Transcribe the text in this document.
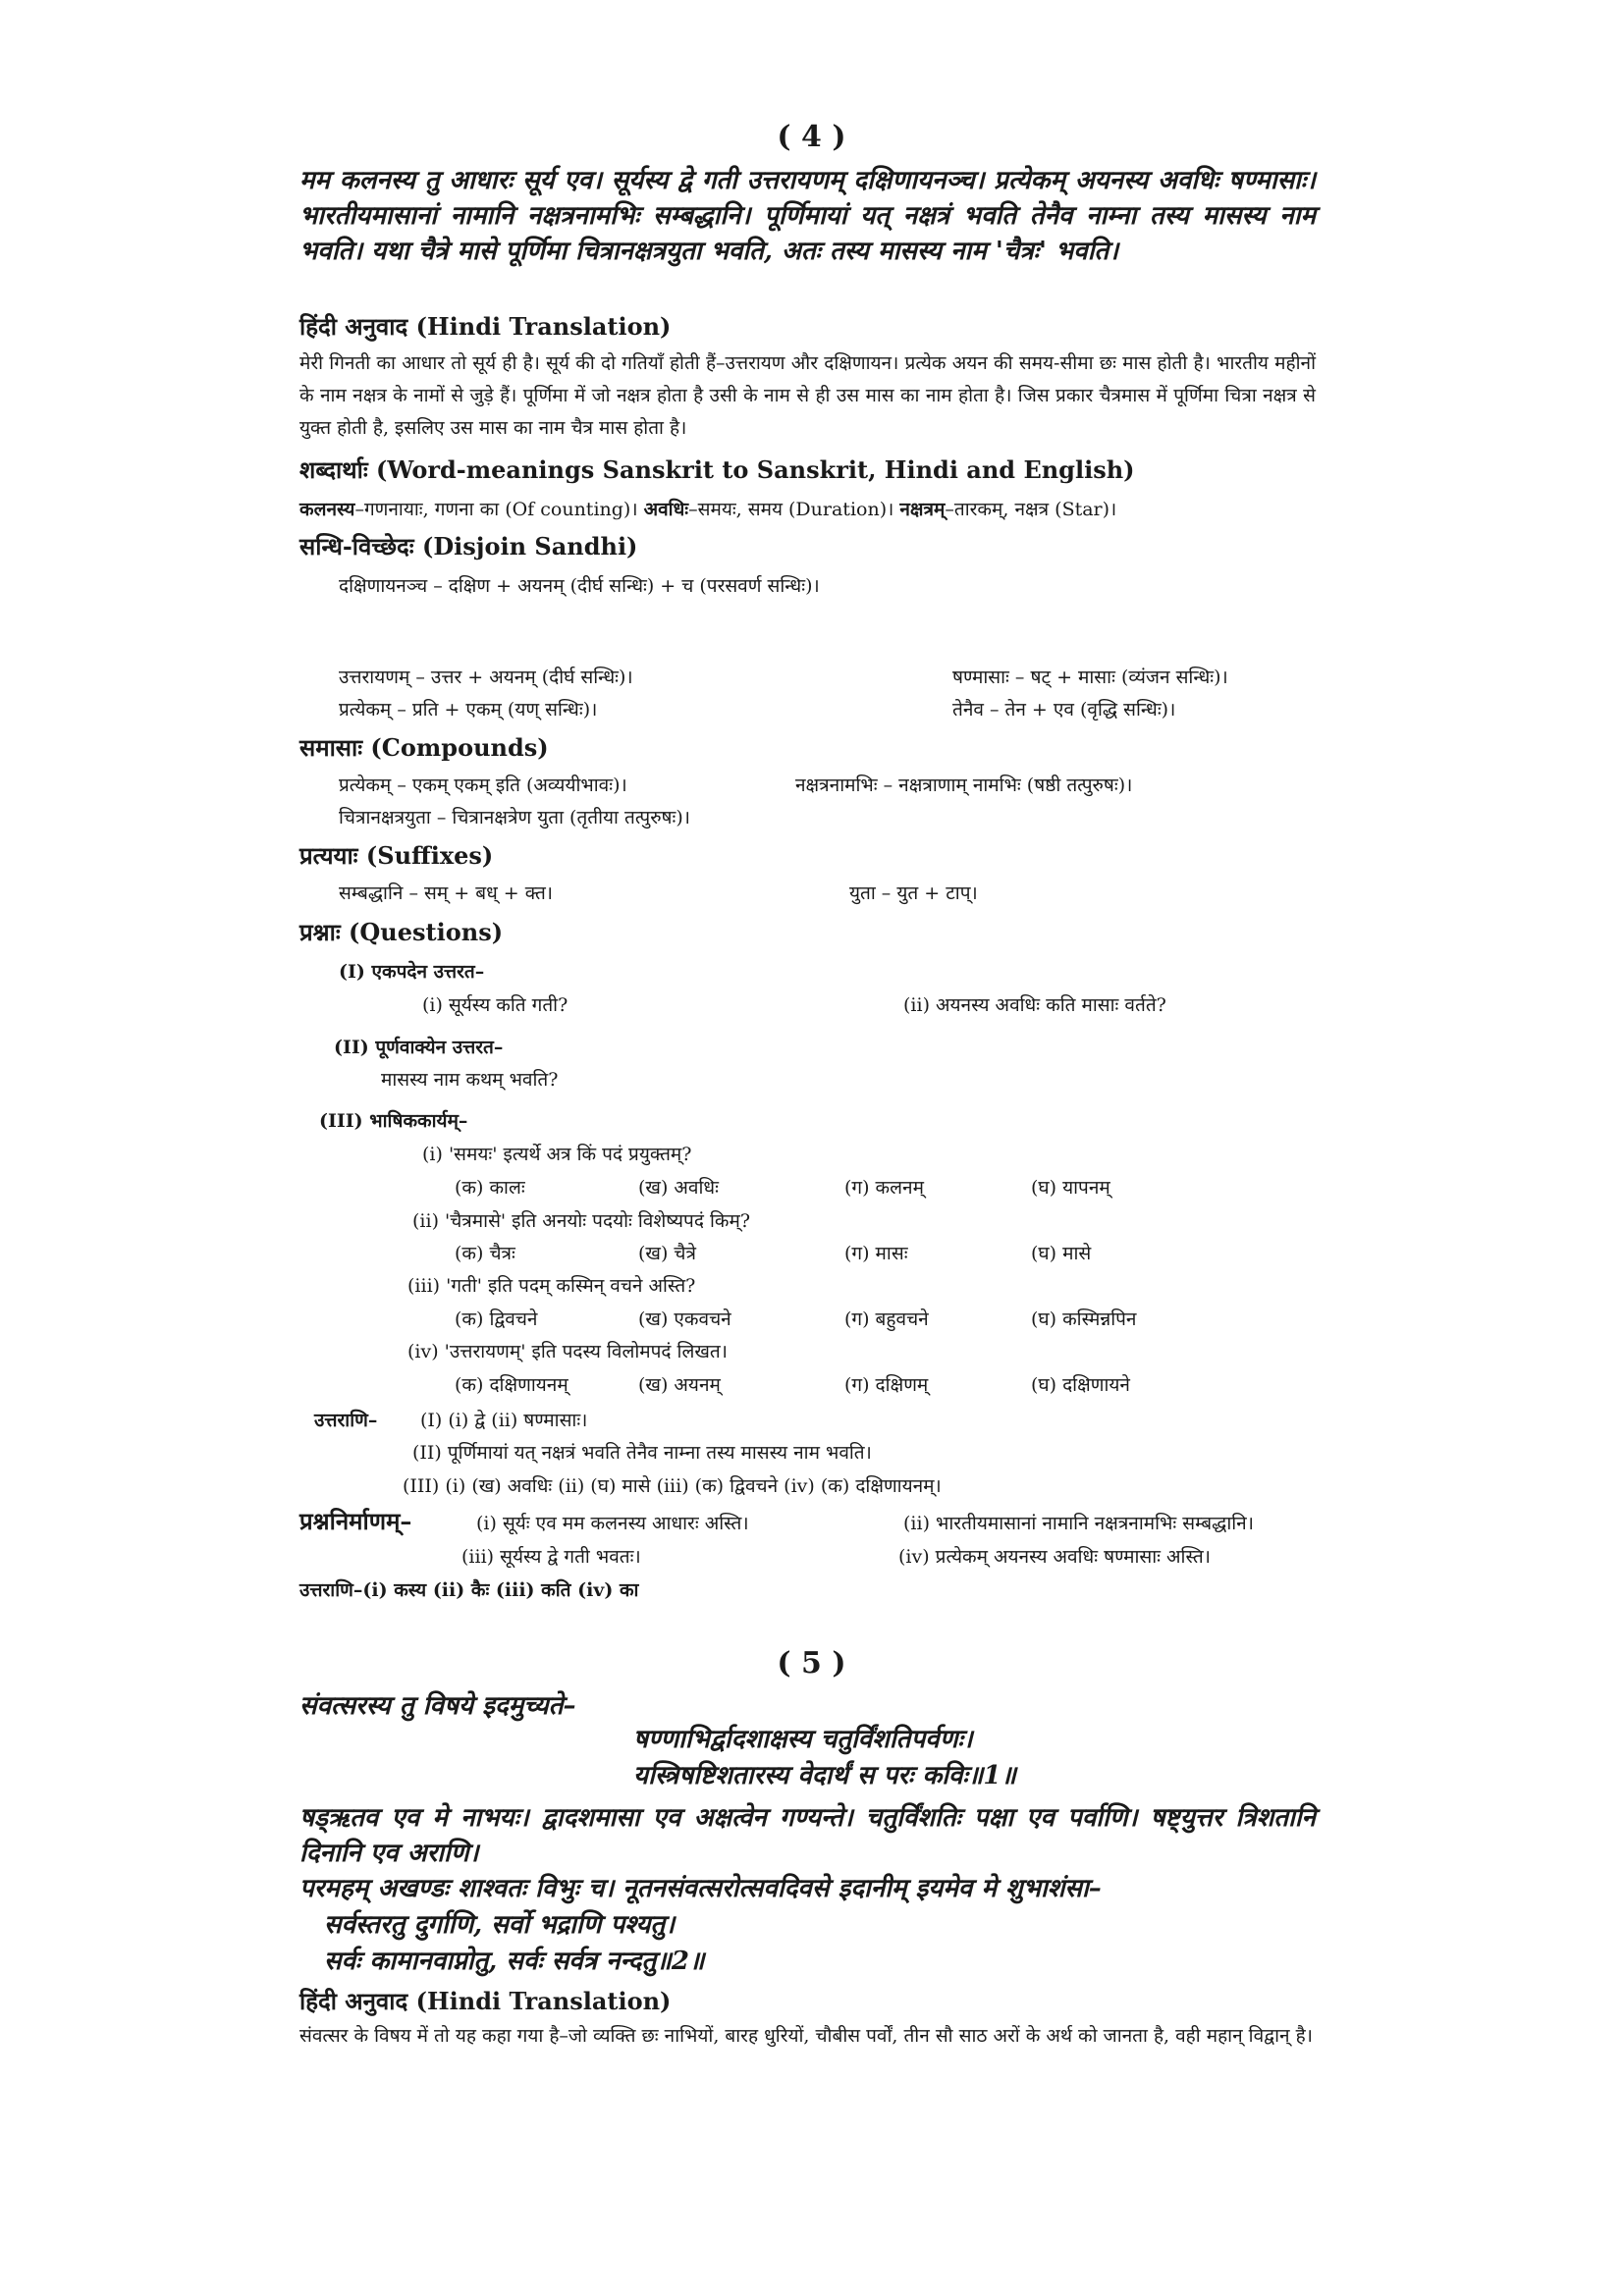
( 4 )
मम कलनस्य तु आधारः सूर्य एव। सूर्यस्य द्वे गती उत्तरायणम् दक्षिणायनञ्च। प्रत्येकम् अयनस्य अवधिः षण्मासाः। भारतीयमासानां नामानि नक्षत्रनामभिः सम्बद्धानि। पूर्णिमायां यत् नक्षत्रं भवति तेनैव नाम्ना तस्य मासस्य नाम भवति। यथा चैत्रे मासे पूर्णिमा चित्रानक्षत्रयुता भवति, अतः तस्य मासस्य नाम 'चैत्रः' भवति।
हिंदी अनुवाद (Hindi Translation)
मेरी गिनती का आधार तो सूर्य ही है। सूर्य की दो गतियाँ होती हैं–उत्तरायण और दक्षिणायन। प्रत्येक अयन की समय-सीमा छः मास होती है। भारतीय महीनों के नाम नक्षत्र के नामों से जुड़े हैं। पूर्णिमा में जो नक्षत्र होता है उसी के नाम से ही उस मास का नाम होता है। जिस प्रकार चैत्रमास में पूर्णिमा चित्रा नक्षत्र से युक्त होती है, इसलिए उस मास का नाम चैत्र मास होता है।
शब्दार्थाः (Word-meanings Sanskrit to Sanskrit, Hindi and English)
कलनस्य–गणनायाः, गणना का (Of counting)। अवधिः–समयः, समय (Duration)। नक्षत्रम्–तारकम्, नक्षत्र (Star)।
सन्धि-विच्छेदः (Disjoin Sandhi)
दक्षिणायनञ्च – दक्षिण + अयनम् (दीर्घ सन्धिः) + च (परसवर्ण सन्धिः)।
उत्तरायणम् – उत्तर + अयनम् (दीर्घ सन्धिः)।	षण्मासाः – षट् + मासाः (व्यंजन सन्धिः)।
प्रत्येकम् – प्रति + एकम् (यण् सन्धिः)।	तेनैव – तेन + एव (वृद्धि सन्धिः)।
समासाः (Compounds)
प्रत्येकम् – एकम् एकम् इति (अव्ययीभावः)।	नक्षत्रनामभिः – नक्षत्राणाम् नामभिः (षष्ठी तत्पुरुषः)।
चित्रानक्षत्रयुता – चित्रानक्षत्रेण युता (तृतीया तत्पुरुषः)।
प्रत्ययाः (Suffixes)
सम्बद्धानि – सम् + बध् + क्त।	युता – युत + टाप्।
प्रश्नाः (Questions)
(I) एकपदेन उत्तरत–
(i) सूर्यस्य कति गती?	(ii) अयनस्य अवधिः कति मासाः वर्तते?
(II) पूर्णवाक्येन उत्तरत–
मासस्य नाम कथम् भवति?
(III) भाषिककार्यम्–
(i) 'समयः' इत्यर्थे अत्र किं पदं प्रयुक्तम्?
(क) कालः	(ख) अवधिः	(ग) कलनम्	(घ) यापनम्
(ii) 'चैत्रमासे' इति अनयोः पदयोः विशेष्यपदं किम्?
(क) चैत्रः	(ख) चैत्रे	(ग) मासः	(घ) मासे
(iii) 'गती' इति पदम् कस्मिन् वचने अस्ति?
(क) द्विवचने	(ख) एकवचने	(ग) बहुवचने	(घ) कस्मिन्नपिन
(iv) 'उत्तरायणम्' इति पदस्य विलोमपदं लिखत।
(क) दक्षिणायनम्	(ख) अयनम्	(ग) दक्षिणम्	(घ) दक्षिणायने
उत्तराणि– (I) (i) द्वे (ii) षण्मासाः।
(II) पूर्णिमायां यत् नक्षत्रं भवति तेनैव नाम्ना तस्य मासस्य नाम भवति।
(III) (i) (ख) अवधिः (ii) (घ) मासे (iii) (क) द्विवचने (iv) (क) दक्षिणायनम्।
प्रश्ननिर्माणम्–	(i) सूर्यः एव मम कलनस्य आधारः अस्ति।	(ii) भारतीयमासानां नामानि नक्षत्रनामभिः सम्बद्धानि।
(iii) सूर्यस्य द्वे गती भवतः।	(iv) प्रत्येकम् अयनस्य अवधिः षण्मासाः अस्ति।
उत्तराणि–(i) कस्य (ii) कैः (iii) कति (iv) का
( 5 )
संवत्सरस्य तु विषये इदमुच्यते–
षण्णाभिर्द्वादशाक्षस्य चतुर्विंशतिपर्वणः।
यस्त्रिषष्टिशतारस्य वेदार्थं स परः कविः॥1॥
षड्ऋतव एव मे नाभयः। द्वादशमासा एव अक्षत्वेन गण्यन्ते। चतुर्विंशतिः पक्षा एव पर्वाणि। षष्ट्युत्तर त्रिशतानि दिनानि एव अराणि।
परमहम् अखण्डः शाश्वतः विभुः च। नूतनसंवत्सरोत्सवदिवसे इदानीम् इयमेव मे शुभाशंसा–
सर्वस्तरतु दुर्गाणि, सर्वो भद्राणि पश्यतु।
सर्वः कामानवाप्नोतु, सर्वः सर्वत्र नन्दतु॥2॥
हिंदी अनुवाद (Hindi Translation)
संवत्सर के विषय में तो यह कहा गया है–जो व्यक्ति छः नाभियों, बारह धुरियों, चौबीस पर्वों, तीन सौ साठ अरों के अर्थ को जानता है, वही महान् विद्वान् है।
